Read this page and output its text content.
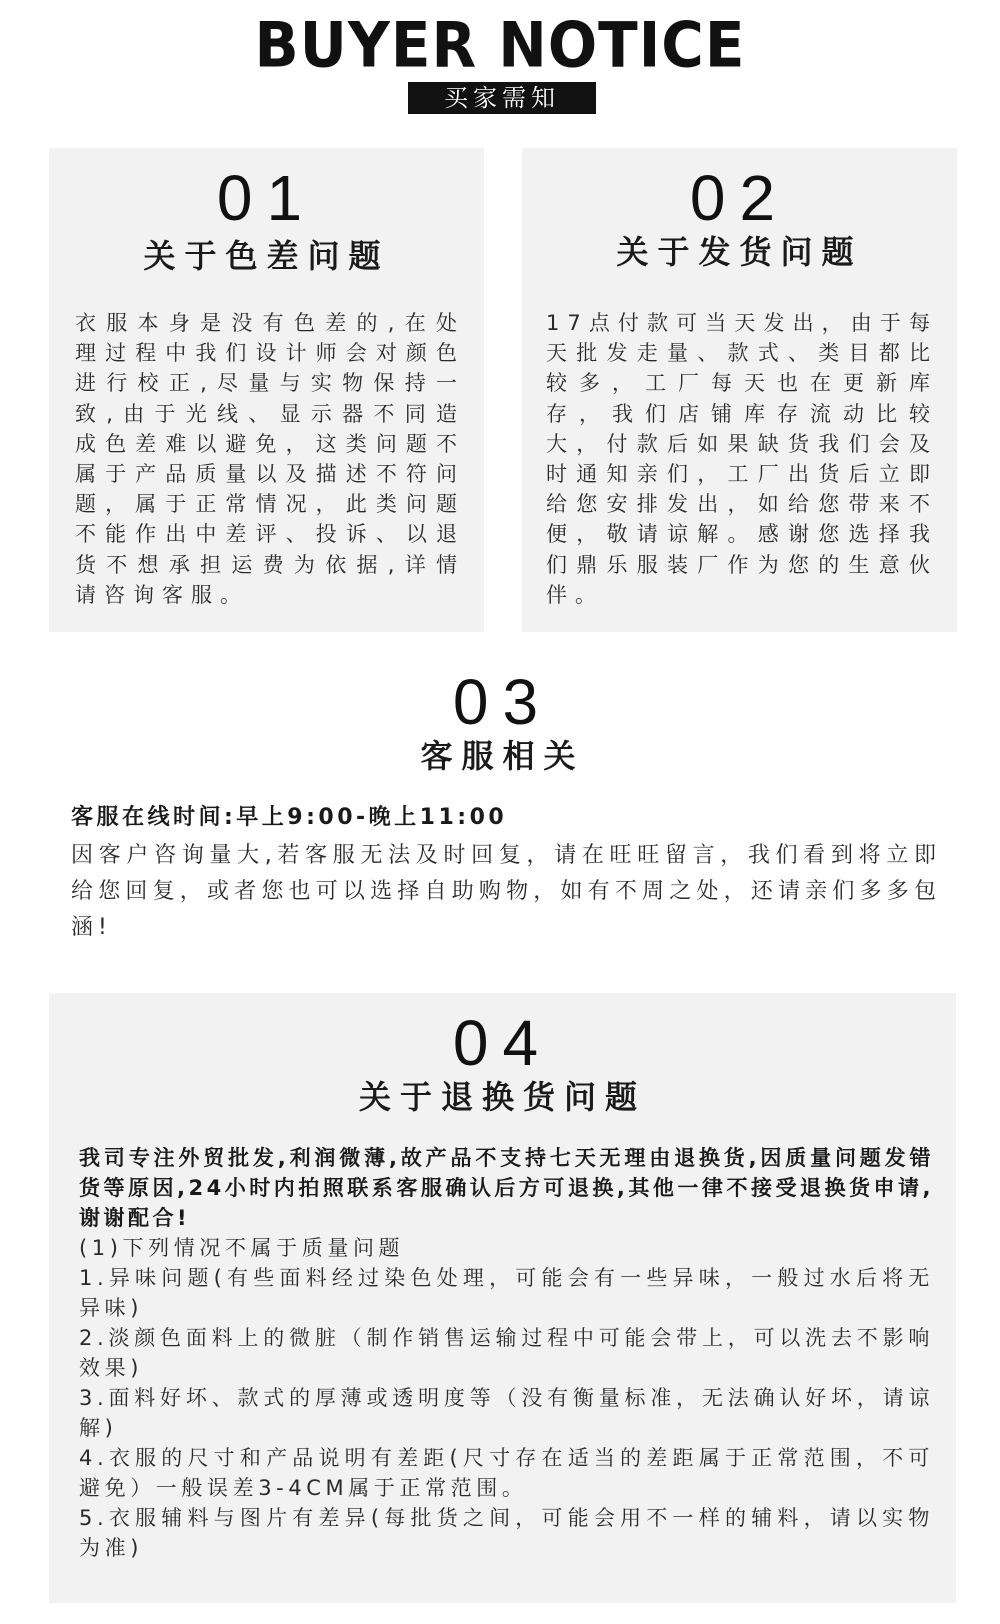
BUYER NOTICE
买家需知
01
关于色差问题
衣服本身是没有色差的,在处理过程中我们设计师会对颜色进行校正,尽量与实物保持一致,由于光线、显示器不同造成色差难以避免，这类问题不属于产品质量以及描述不符问题，属于正常情况，此类问题不能作出中差评、投诉、以退货不想承担运费为依据,详情请咨询客服。
02
关于发货问题
17点付款可当天发出，由于每天批发走量、款式、类目都比较多，工厂每天也在更新库存，我们店铺库存流动比较大，付款后如果缺货我们会及时通知亲们，工厂出货后立即给您安排发出，如给您带来不便，敬请谅解。感谢您选择我们鼎乐服装厂作为您的生意伙伴。
03
客服相关
客服在线时间:早上9:00-晚上11:00
因客户咨询量大,若客服无法及时回复，请在旺旺留言，我们看到将立即给您回复，或者您也可以选择自助购物，如有不周之处，还请亲们多多包涵!
04
关于退换货问题
我司专注外贸批发,利润微薄,故产品不支持七天无理由退换货,因质量问题发错货等原因,24小时内拍照联系客服确认后方可退换,其他一律不接受退换货申请,谢谢配合!
(1)下列情况不属于质量问题
1.异味问题(有些面料经过染色处理，可能会有一些异味，一般过水后将无异味)
2.淡颜色面料上的微脏（制作销售运输过程中可能会带上，可以洗去不影响效果)
3.面料好坏、款式的厚薄或透明度等（没有衡量标准，无法确认好坏，请谅解)
4.衣服的尺寸和产品说明有差距(尺寸存在适当的差距属于正常范围，不可避免）一般误差3-4CM属于正常范围。
5.衣服辅料与图片有差异(每批货之间，可能会用不一样的辅料，请以实物为准)
